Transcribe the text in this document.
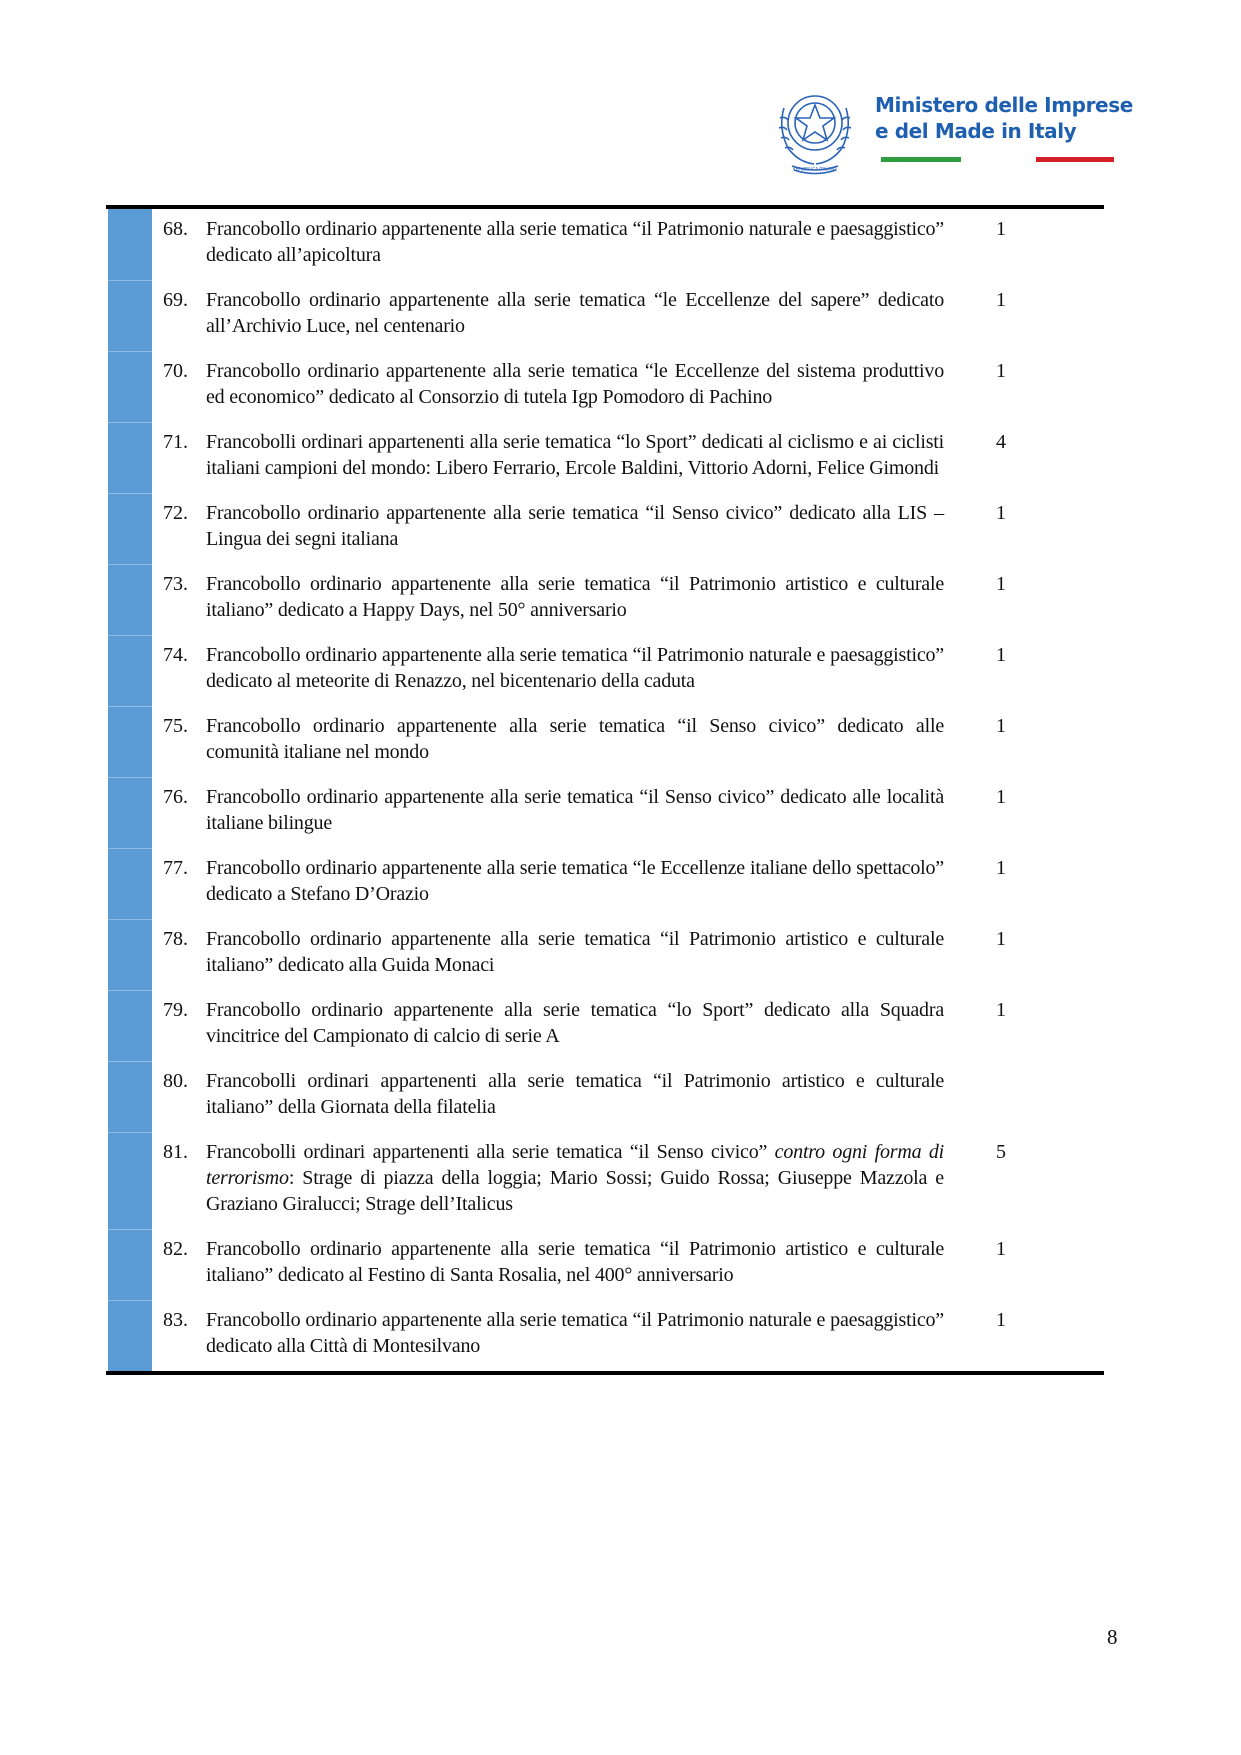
REPUBBLICA ITALIANA
Ministero delle Imprese
e del Made in Italy
68. Francobollo ordinario appartenente alla serie tematica “il Patrimonio naturale e paesaggistico” dedicato all’apicoltura
1
69. Francobollo ordinario appartenente alla serie tematica “le Eccellenze del sapere” dedicato all’Archivio Luce, nel centenario
1
70. Francobollo ordinario appartenente alla serie tematica “le Eccellenze del sistema produttivo ed economico” dedicato al Consorzio di tutela Igp Pomodoro di Pachino
1
71. Francobolli ordinari appartenenti alla serie tematica “lo Sport” dedicati al ciclismo e ai ciclisti italiani campioni del mondo: Libero Ferrario, Ercole Baldini, Vittorio Adorni, Felice Gimondi
4
72. Francobollo ordinario appartenente alla serie tematica “il Senso civico” dedicato alla LIS – Lingua dei segni italiana
1
73. Francobollo ordinario appartenente alla serie tematica “il Patrimonio artistico e culturale italiano” dedicato a Happy Days, nel 50° anniversario
1
74. Francobollo ordinario appartenente alla serie tematica “il Patrimonio naturale e paesaggistico” dedicato al meteorite di Renazzo, nel bicentenario della caduta
1
75. Francobollo ordinario appartenente alla serie tematica “il Senso civico” dedicato alle comunità italiane nel mondo
1
76. Francobollo ordinario appartenente alla serie tematica “il Senso civico” dedicato alle località italiane bilingue
1
77. Francobollo ordinario appartenente alla serie tematica “le Eccellenze italiane dello spettacolo” dedicato a Stefano D’Orazio
1
78. Francobollo ordinario appartenente alla serie tematica “il Patrimonio artistico e culturale italiano” dedicato alla Guida Monaci
1
79. Francobollo ordinario appartenente alla serie tematica “lo Sport” dedicato alla Squadra vincitrice del Campionato di calcio di serie A
1
80. Francobolli ordinari appartenenti alla serie tematica “il Patrimonio artistico e culturale italiano” della Giornata della filatelia
81. Francobolli ordinari appartenenti alla serie tematica “il Senso civico” contro ogni forma di terrorismo: Strage di piazza della loggia; Mario Sossi; Guido Rossa; Giuseppe Mazzola e Graziano Giralucci; Strage dell’Italicus
5
82. Francobollo ordinario appartenente alla serie tematica “il Patrimonio artistico e culturale italiano” dedicato al Festino di Santa Rosalia, nel 400° anniversario
1
83. Francobollo ordinario appartenente alla serie tematica “il Patrimonio naturale e paesaggistico” dedicato alla Città di Montesilvano
1
8
